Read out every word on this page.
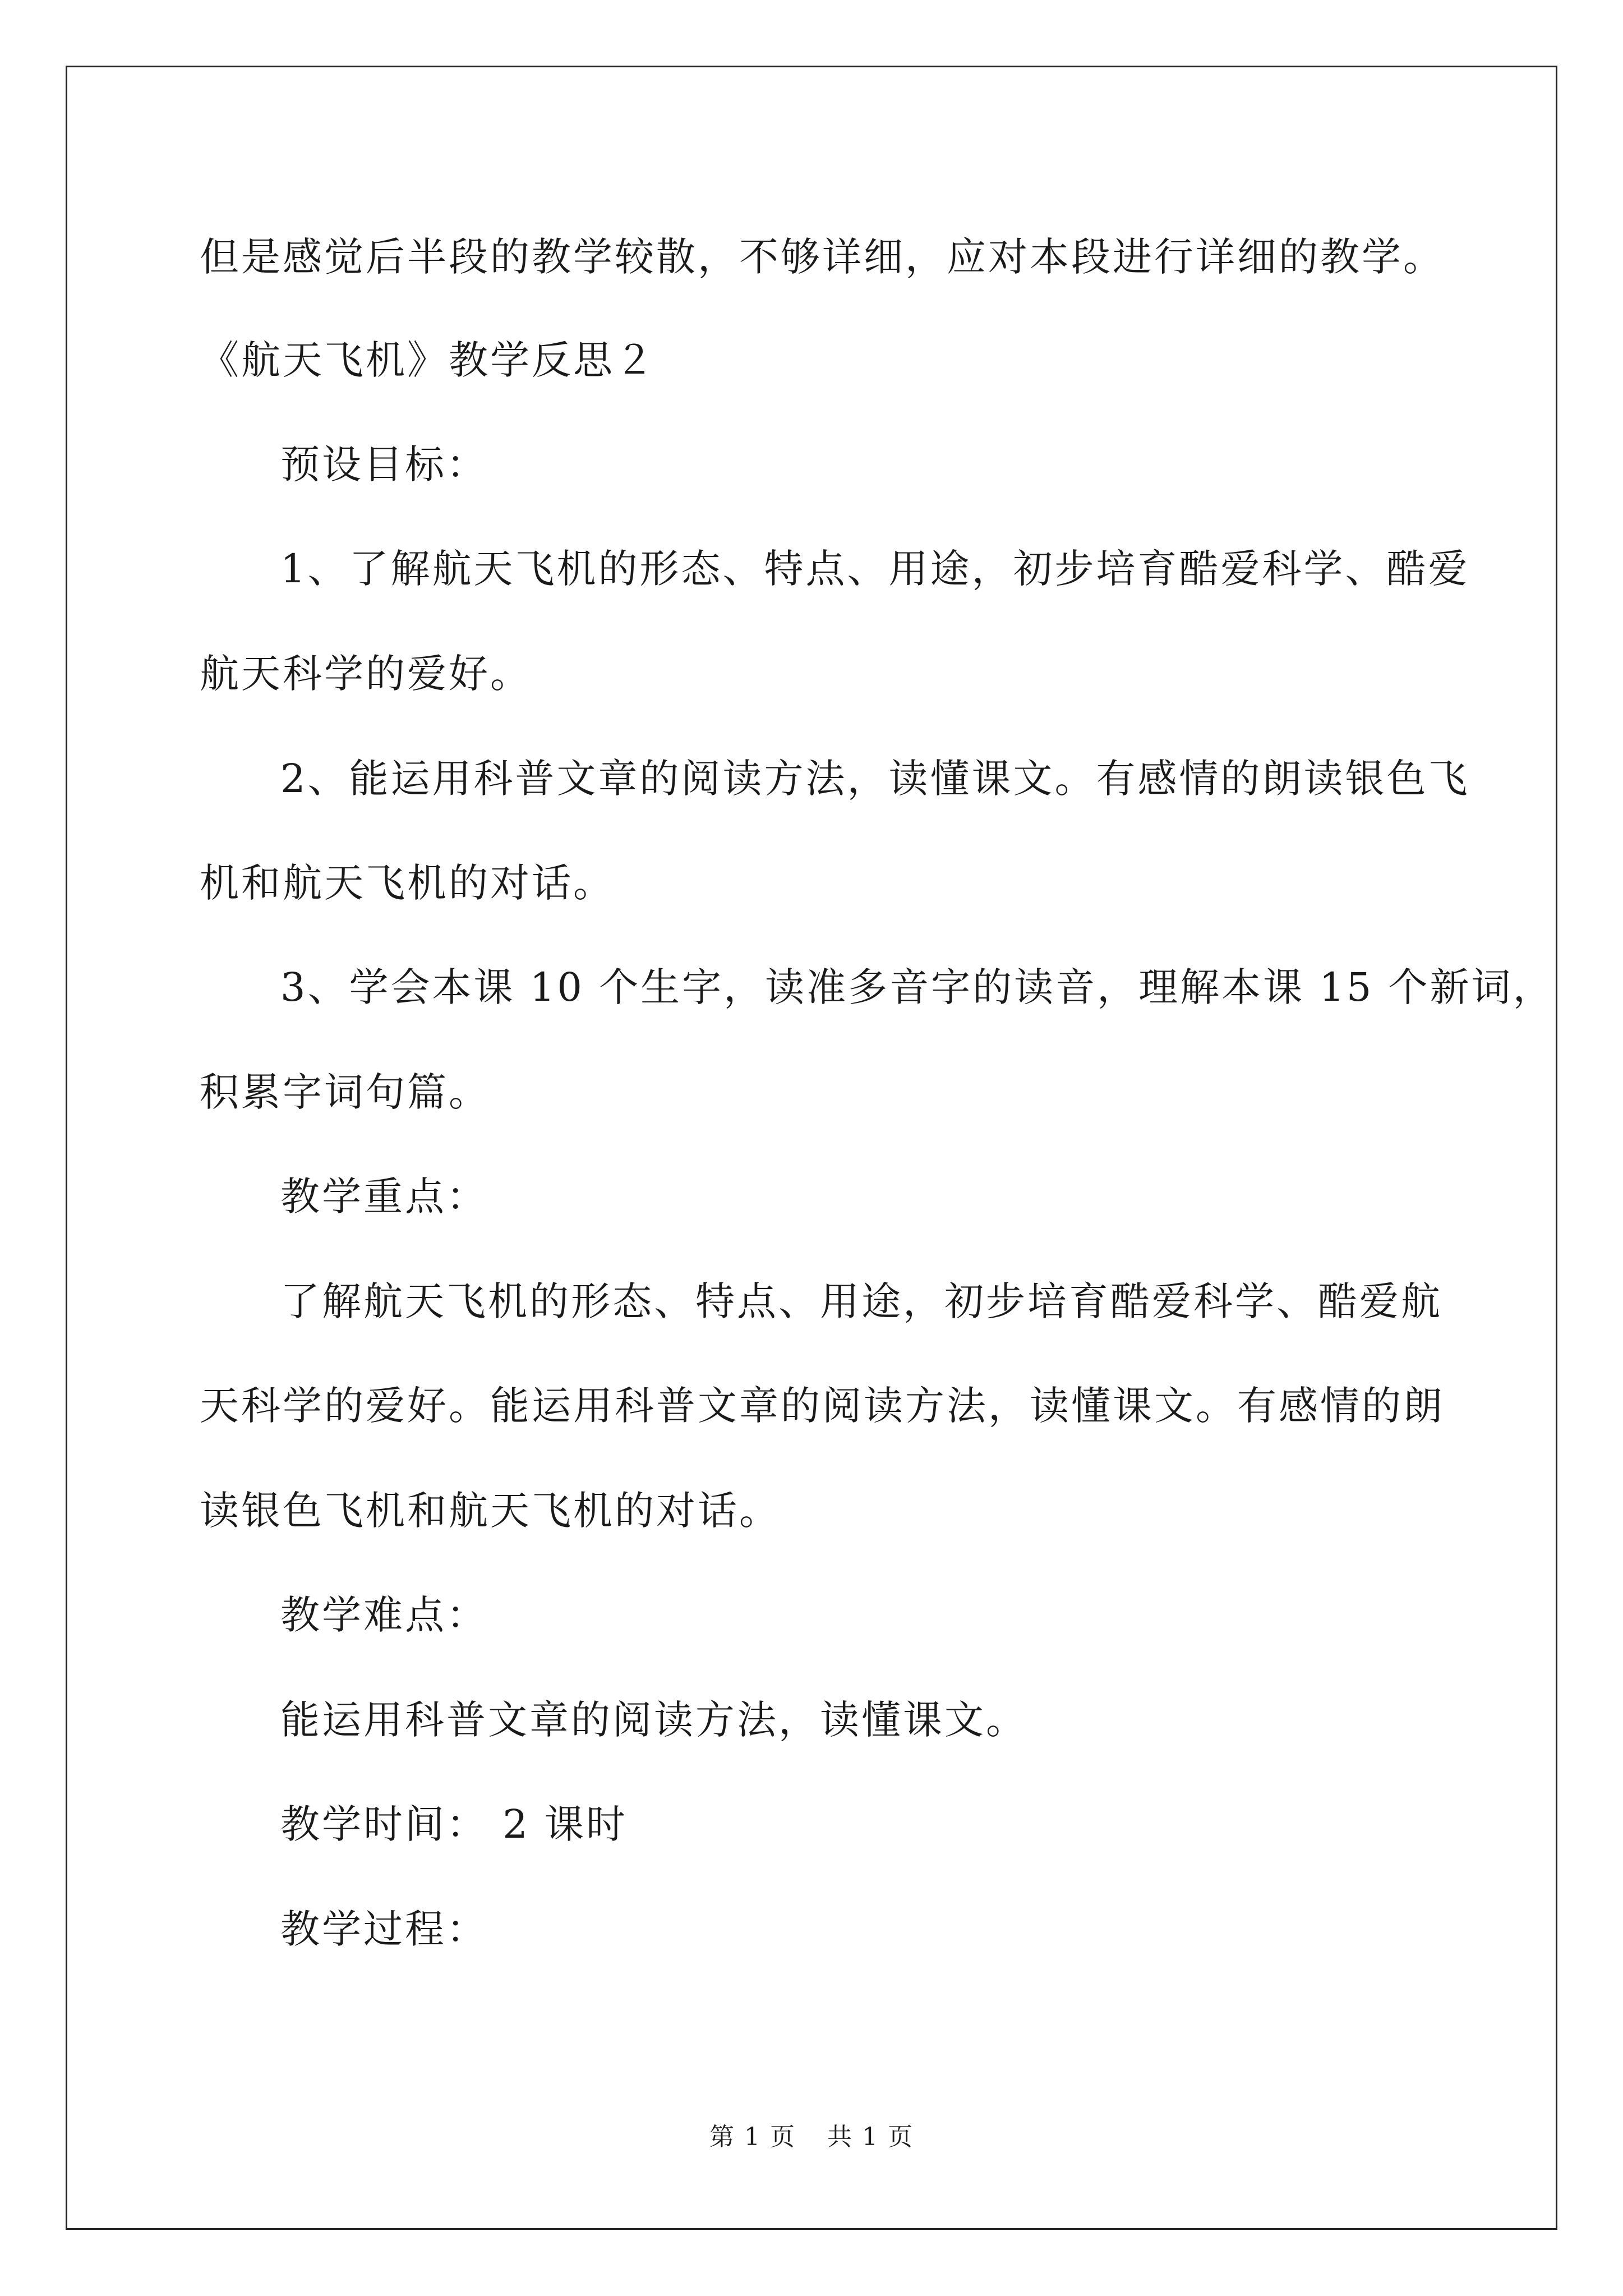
但是感觉后半段的教学较散，不够详细，应对本段进行详细的教学。
《航天飞机》教学反思２
预设目标：
1、了解航天飞机的形态、特点、用途，初步培育酷爱科学、酷爱
航天科学的爱好。
2、能运用科普文章的阅读方法，读懂课文。有感情的朗读银色飞
机和航天飞机的对话。
3、学会本课 10 个生字，读准多音字的读音，理解本课 15 个新词，
积累字词句篇。
教学重点：
了解航天飞机的形态、特点、用途，初步培育酷爱科学、酷爱航
天科学的爱好。能运用科普文章的阅读方法，读懂课文。有感情的朗
读银色飞机和航天飞机的对话。
教学难点：
能运用科普文章的阅读方法，读懂课文。
教学时间： 2 课时
教学过程：
第 1 页 共 1 页
